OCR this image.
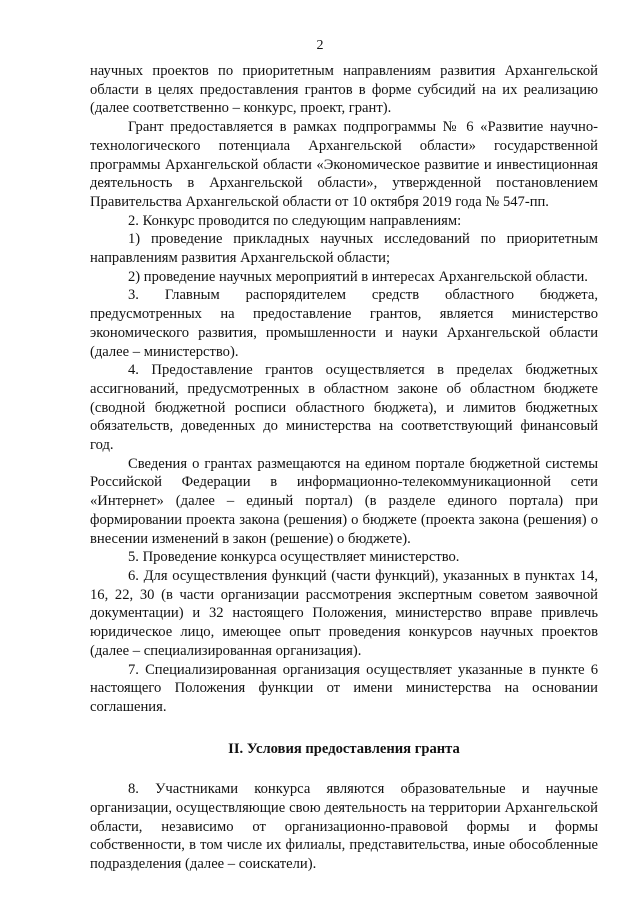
2

научных проектов по приоритетным направлениям развития Архангельской области в целях предоставления грантов в форме субсидий на их реализацию (далее соответственно – конкурс, проект, грант).

Грант предоставляется в рамках подпрограммы № 6 «Развитие научно-технологического потенциала Архангельской области» государственной программы Архангельской области «Экономическое развитие и инвестиционная деятельность в Архангельской области», утвержденной постановлением Правительства Архангельской области от 10 октября 2019 года № 547-пп.

2. Конкурс проводится по следующим направлениям:

1) проведение прикладных научных исследований по приоритетным направлениям развития Архангельской области;

2) проведение научных мероприятий в интересах Архангельской области.

3. Главным распорядителем средств областного бюджета, предусмотренных на предоставление грантов, является министерство экономического развития, промышленности и науки Архангельской области (далее – министерство).

4. Предоставление грантов осуществляется в пределах бюджетных ассигнований, предусмотренных в областном законе об областном бюджете (сводной бюджетной росписи областного бюджета), и лимитов бюджетных обязательств, доведенных до министерства на соответствующий финансовый год.

Сведения о грантах размещаются на едином портале бюджетной системы Российской Федерации в информационно-телекоммуникационной сети «Интернет» (далее – единый портал) (в разделе единого портала) при формировании проекта закона (решения) о бюджете (проекта закона (решения) о внесении изменений в закон (решение) о бюджете).

5. Проведение конкурса осуществляет министерство.

6. Для осуществления функций (части функций), указанных в пунктах 14, 16, 22, 30 (в части организации рассмотрения экспертным советом заявочной документации) и 32 настоящего Положения, министерство вправе привлечь юридическое лицо, имеющее опыт проведения конкурсов научных проектов (далее – специализированная организация).

7. Специализированная организация осуществляет указанные в пункте 6 настоящего Положения функции от имени министерства на основании соглашения.

II. Условия предоставления гранта

8. Участниками конкурса являются образовательные и научные организации, осуществляющие свою деятельность на территории Архангельской области, независимо от организационно-правовой формы и формы собственности, в том числе их филиалы, представительства, иные обособленные подразделения (далее – соискатели).
